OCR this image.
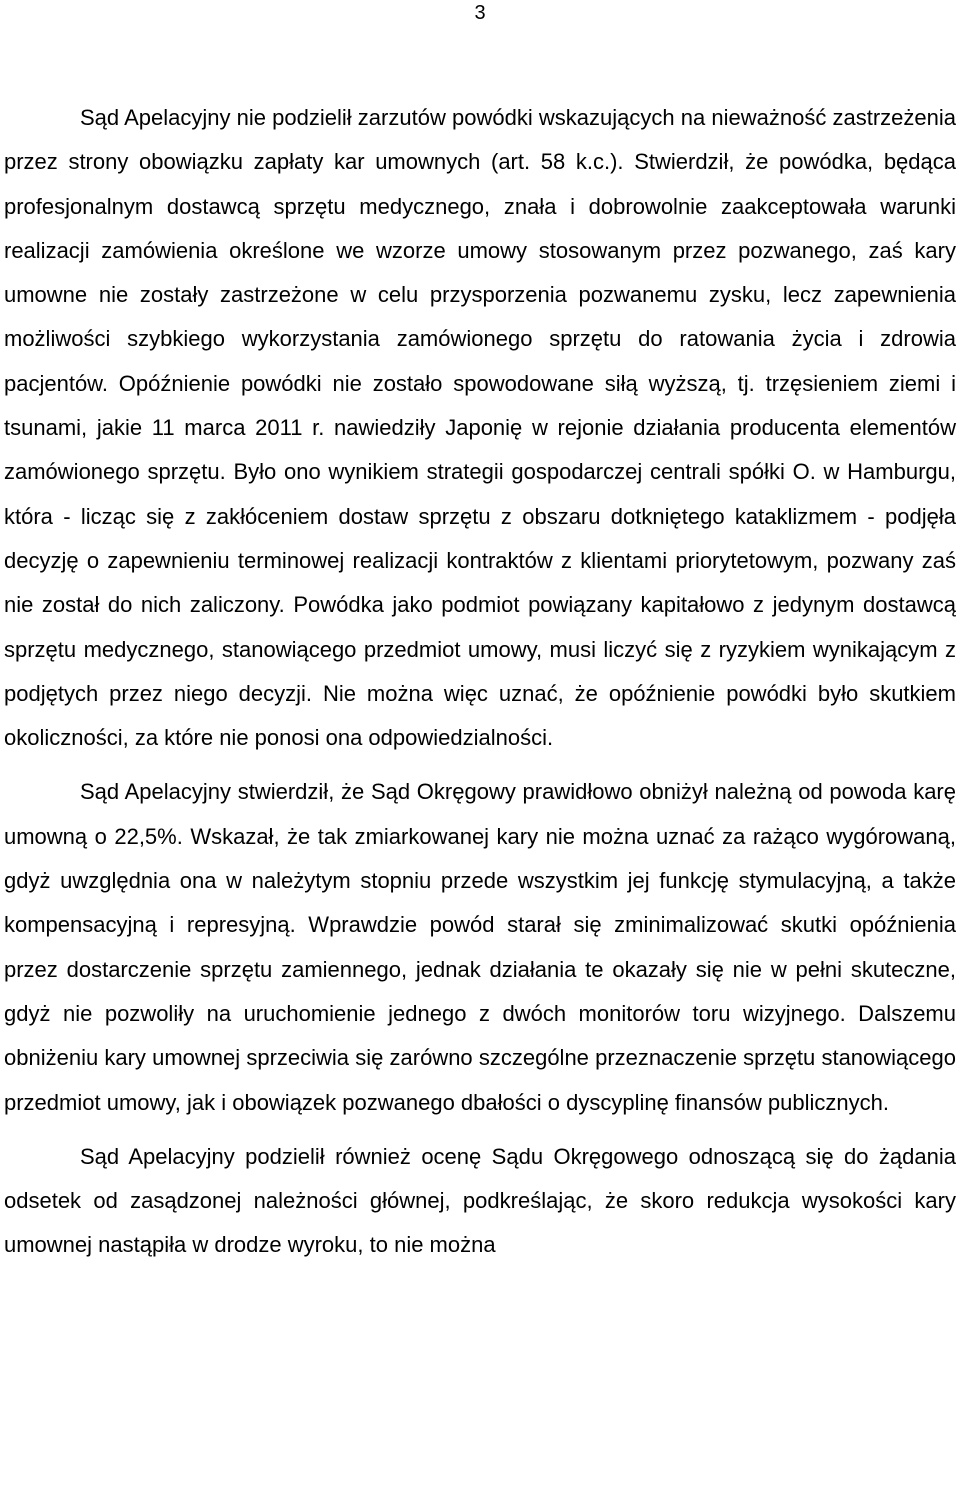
3

Sąd Apelacyjny nie podzielił zarzutów powódki wskazujących na nieważność zastrzeżenia przez strony obowiązku zapłaty kar umownych (art. 58 k.c.). Stwierdził, że powódka, będąca profesjonalnym dostawcą sprzętu medycznego, znała i dobrowolnie zaakceptowała warunki realizacji zamówienia określone we wzorze umowy stosowanym przez pozwanego, zaś kary umowne nie zostały zastrzeżone w celu przysporzenia pozwanemu zysku, lecz zapewnienia możliwości szybkiego wykorzystania zamówionego sprzętu do ratowania życia i zdrowia pacjentów. Opóźnienie powódki nie zostało spowodowane siłą wyższą, tj. trzęsieniem ziemi i tsunami, jakie 11 marca 2011 r. nawiedziły Japonię w rejonie działania producenta elementów zamówionego sprzętu. Było ono wynikiem strategii gospodarczej centrali spółki O. w Hamburgu, która - licząc się z zakłóceniem dostaw sprzętu z obszaru dotkniętego kataklizmem - podjęła decyzję o zapewnieniu terminowej realizacji kontraktów z klientami priorytetowym, pozwany zaś nie został do nich zaliczony. Powódka jako podmiot powiązany kapitałowo z jedynym dostawcą sprzętu medycznego, stanowiącego przedmiot umowy, musi liczyć się z ryzykiem wynikającym z podjętych przez niego decyzji. Nie można więc uznać, że opóźnienie powódki było skutkiem okoliczności, za które nie ponosi ona odpowiedzialności.

Sąd Apelacyjny stwierdził, że Sąd Okręgowy prawidłowo obniżył należną od powoda karę umowną o 22,5%. Wskazał, że tak zmiarkowanej kary nie można uznać za rażąco wygórowaną, gdyż uwzględnia ona w należytym stopniu przede wszystkim jej funkcję stymulacyjną, a także kompensacyjną i represyjną. Wprawdzie powód starał się zminimalizować skutki opóźnienia przez dostarczenie sprzętu zamiennego, jednak działania te okazały się nie w pełni skuteczne, gdyż nie pozwoliły na uruchomienie jednego z dwóch monitorów toru wizyjnego. Dalszemu obniżeniu kary umownej sprzeciwia się zarówno szczególne przeznaczenie sprzętu stanowiącego przedmiot umowy, jak i obowiązek pozwanego dbałości o dyscyplinę finansów publicznych.

Sąd Apelacyjny podzielił również ocenę Sądu Okręgowego odnoszącą się do żądania odsetek od zasądzonej należności głównej, podkreślając, że skoro redukcja wysokości kary umownej nastąpiła w drodze wyroku, to nie można
